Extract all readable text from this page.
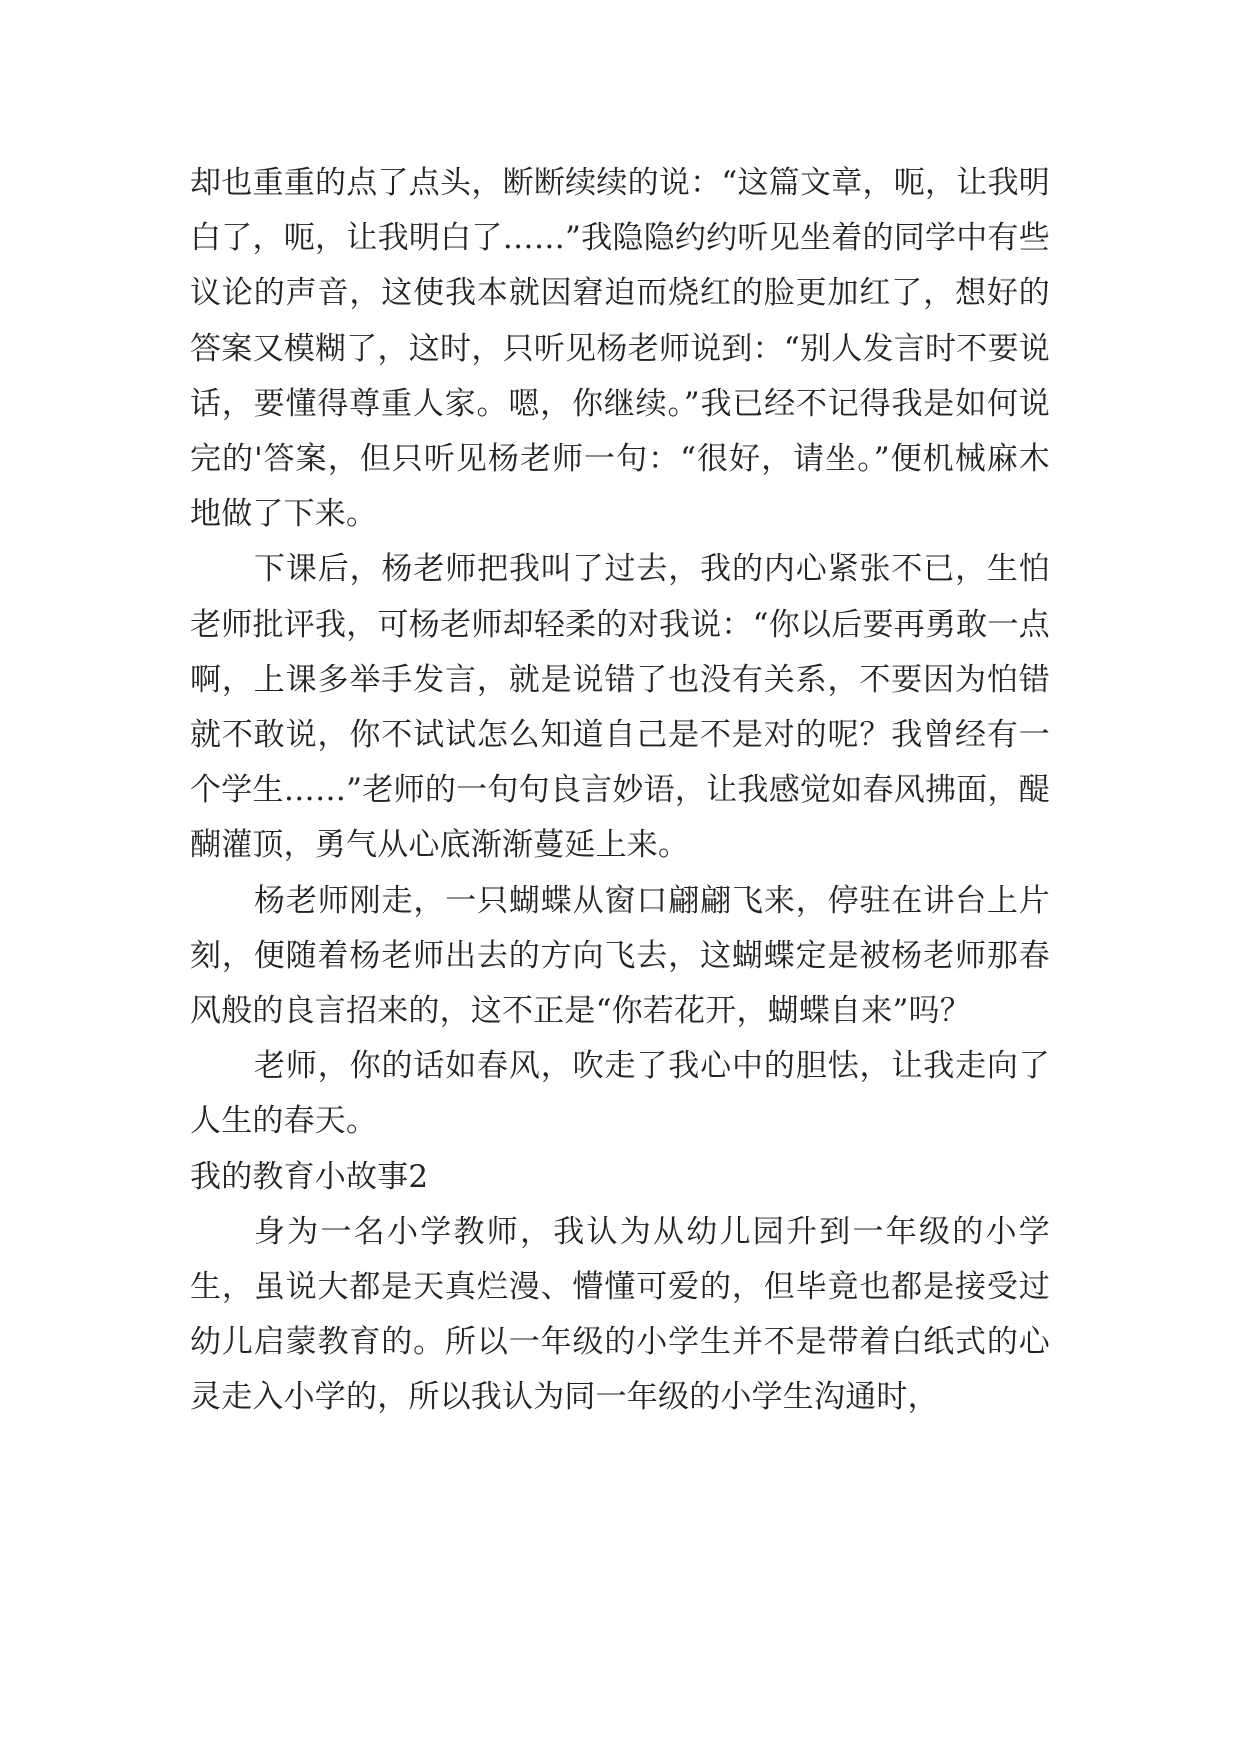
却也重重的点了点头，断断续续的说：“这篇文章，呃，让我明白了，呃，让我明白了……”我隐隐约约听见坐着的同学中有些议论的声音，这使我本就因窘迫而烧红的脸更加红了，想好的答案又模糊了，这时，只听见杨老师说到：“别人发言时不要说话，要懂得尊重人家。嗯，你继续。”我已经不记得我是如何说完的'答案，但只听见杨老师一句：“很好，请坐。”便机械麻木地做了下来。

下课后，杨老师把我叫了过去，我的内心紧张不已，生怕老师批评我，可杨老师却轻柔的对我说：“你以后要再勇敢一点啊，上课多举手发言，就是说错了也没有关系，不要因为怕错就不敢说，你不试试怎么知道自己是不是对的呢？我曾经有一个学生……”老师的一句句良言妙语，让我感觉如春风拂面，醍醐灌顶，勇气从心底渐渐蔓延上来。

杨老师刚走，一只蝴蝶从窗口翩翩飞来，停驻在讲台上片刻，便随着杨老师出去的方向飞去，这蝴蝶定是被杨老师那春风般的良言招来的，这不正是“你若花开，蝴蝶自来”吗？

老师，你的话如春风，吹走了我心中的胆怯，让我走向了人生的春天。

我的教育小故事2

身为一名小学教师，我认为从幼儿园升到一年级的小学生，虽说大都是天真烂漫、懵懂可爱的，但毕竟也都是接受过幼儿启蒙教育的。所以一年级的小学生并不是带着白纸式的心灵走入小学的，所以我认为同一年级的小学生沟通时，
